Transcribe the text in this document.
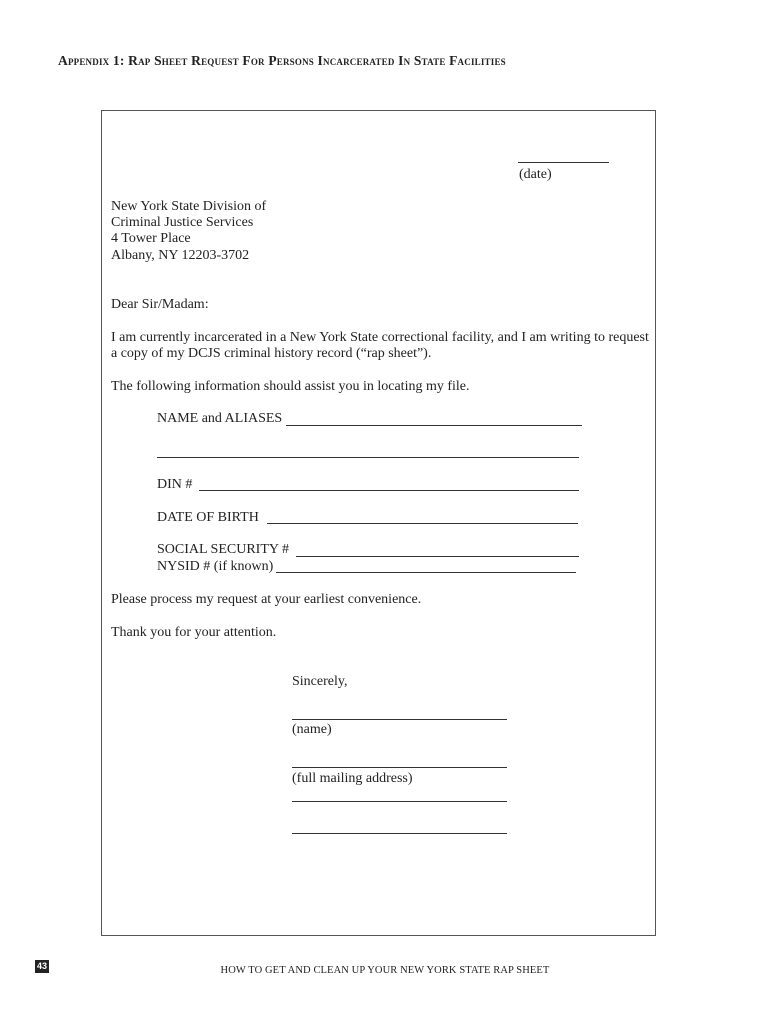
Appendix 1: Rap Sheet Request For Persons Incarcerated In State Facilities
(date)
New York State Division of
Criminal Justice Services
4 Tower Place
Albany, NY 12203-3702
Dear Sir/Madam:
I am currently incarcerated in a New York State correctional facility, and I am writing to request
a copy of my DCJS criminal history record (“rap sheet”).
The following information should assist you in locating my file.
NAME and ALIASES
DIN #
DATE OF BIRTH
SOCIAL SECURITY #
NYSID # (if known)
Please process my request at your earliest convenience.
Thank you for your attention.
Sincerely,
(name)
(full mailing address)
43	HOW TO GET AND CLEAN UP YOUR NEW YORK STATE RAP SHEET
